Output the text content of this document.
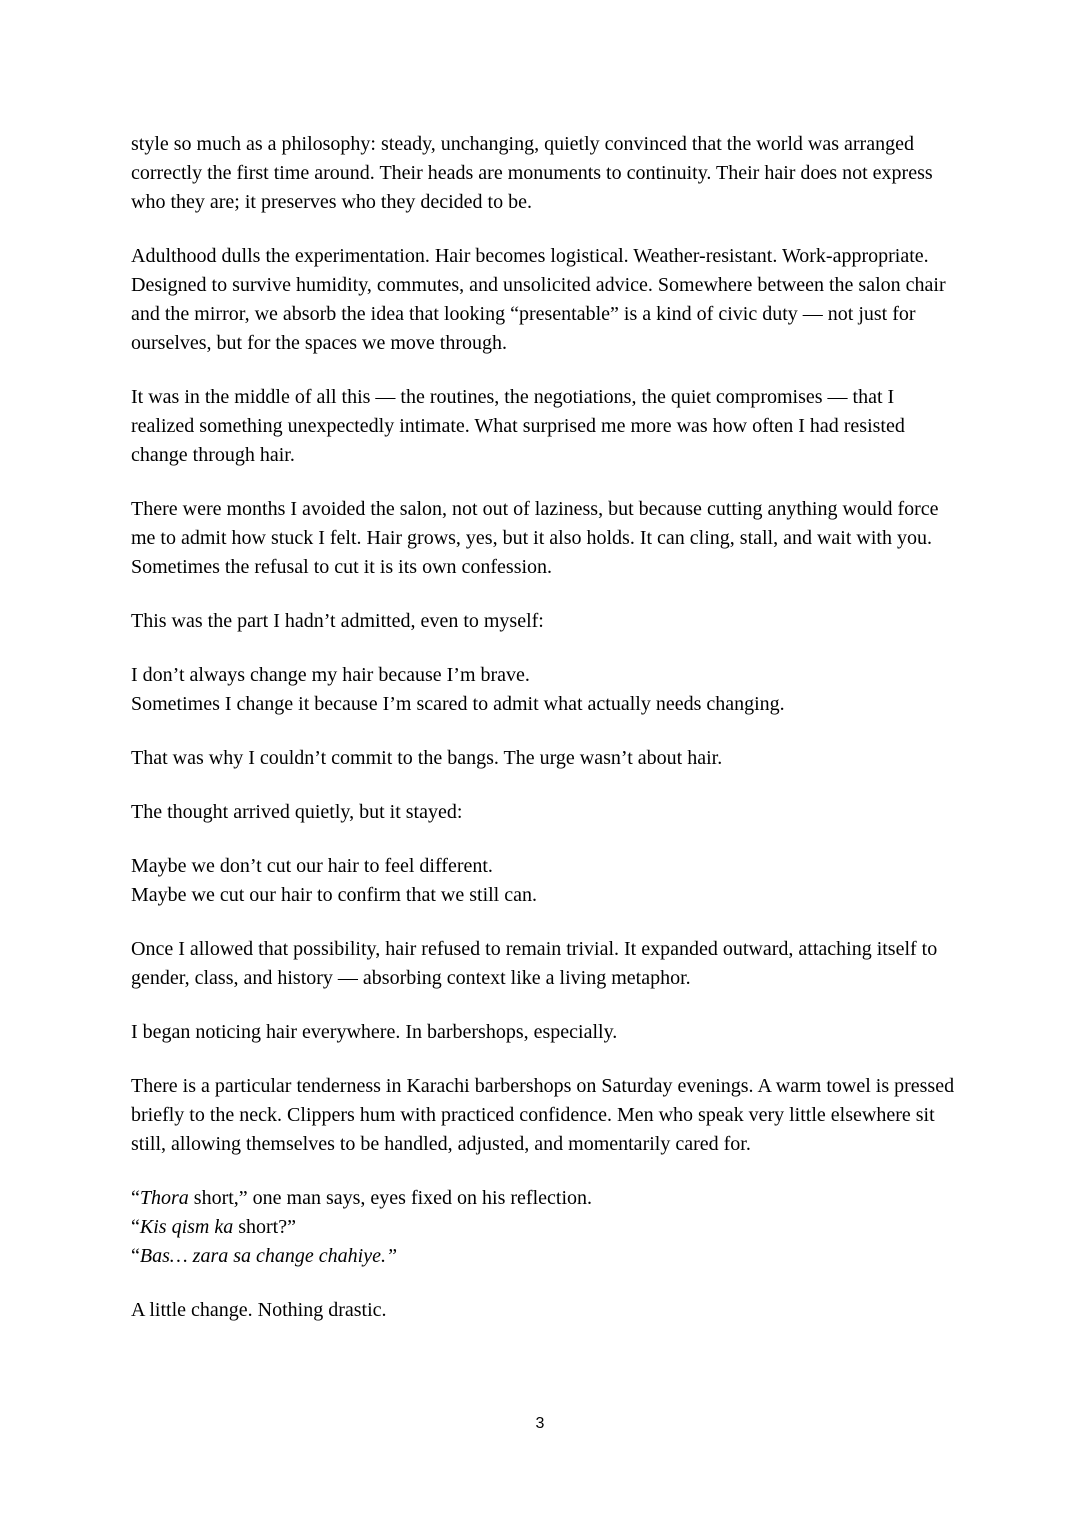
style so much as a philosophy: steady, unchanging, quietly convinced that the world was arranged correctly the first time around. Their heads are monuments to continuity. Their hair does not express who they are; it preserves who they decided to be.

Adulthood dulls the experimentation. Hair becomes logistical. Weather-resistant. Work-appropriate. Designed to survive humidity, commutes, and unsolicited advice. Somewhere between the salon chair and the mirror, we absorb the idea that looking “presentable” is a kind of civic duty — not just for ourselves, but for the spaces we move through.

It was in the middle of all this — the routines, the negotiations, the quiet compromises — that I realized something unexpectedly intimate. What surprised me more was how often I had resisted change through hair.

There were months I avoided the salon, not out of laziness, but because cutting anything would force me to admit how stuck I felt. Hair grows, yes, but it also holds. It can cling, stall, and wait with you. Sometimes the refusal to cut it is its own confession.

This was the part I hadn’t admitted, even to myself:

I don’t always change my hair because I’m brave.
Sometimes I change it because I’m scared to admit what actually needs changing.

That was why I couldn’t commit to the bangs. The urge wasn’t about hair.

The thought arrived quietly, but it stayed:

Maybe we don’t cut our hair to feel different.
Maybe we cut our hair to confirm that we still can.

Once I allowed that possibility, hair refused to remain trivial. It expanded outward, attaching itself to gender, class, and history — absorbing context like a living metaphor.

I began noticing hair everywhere. In barbershops, especially.

There is a particular tenderness in Karachi barbershops on Saturday evenings. A warm towel is pressed briefly to the neck. Clippers hum with practiced confidence. Men who speak very little elsewhere sit still, allowing themselves to be handled, adjusted, and momentarily cared for.

“Thora short,” one man says, eyes fixed on his reflection.
“Kis qism ka short?”
“Bas… zara sa change chahiye.”

A little change. Nothing drastic.

3
